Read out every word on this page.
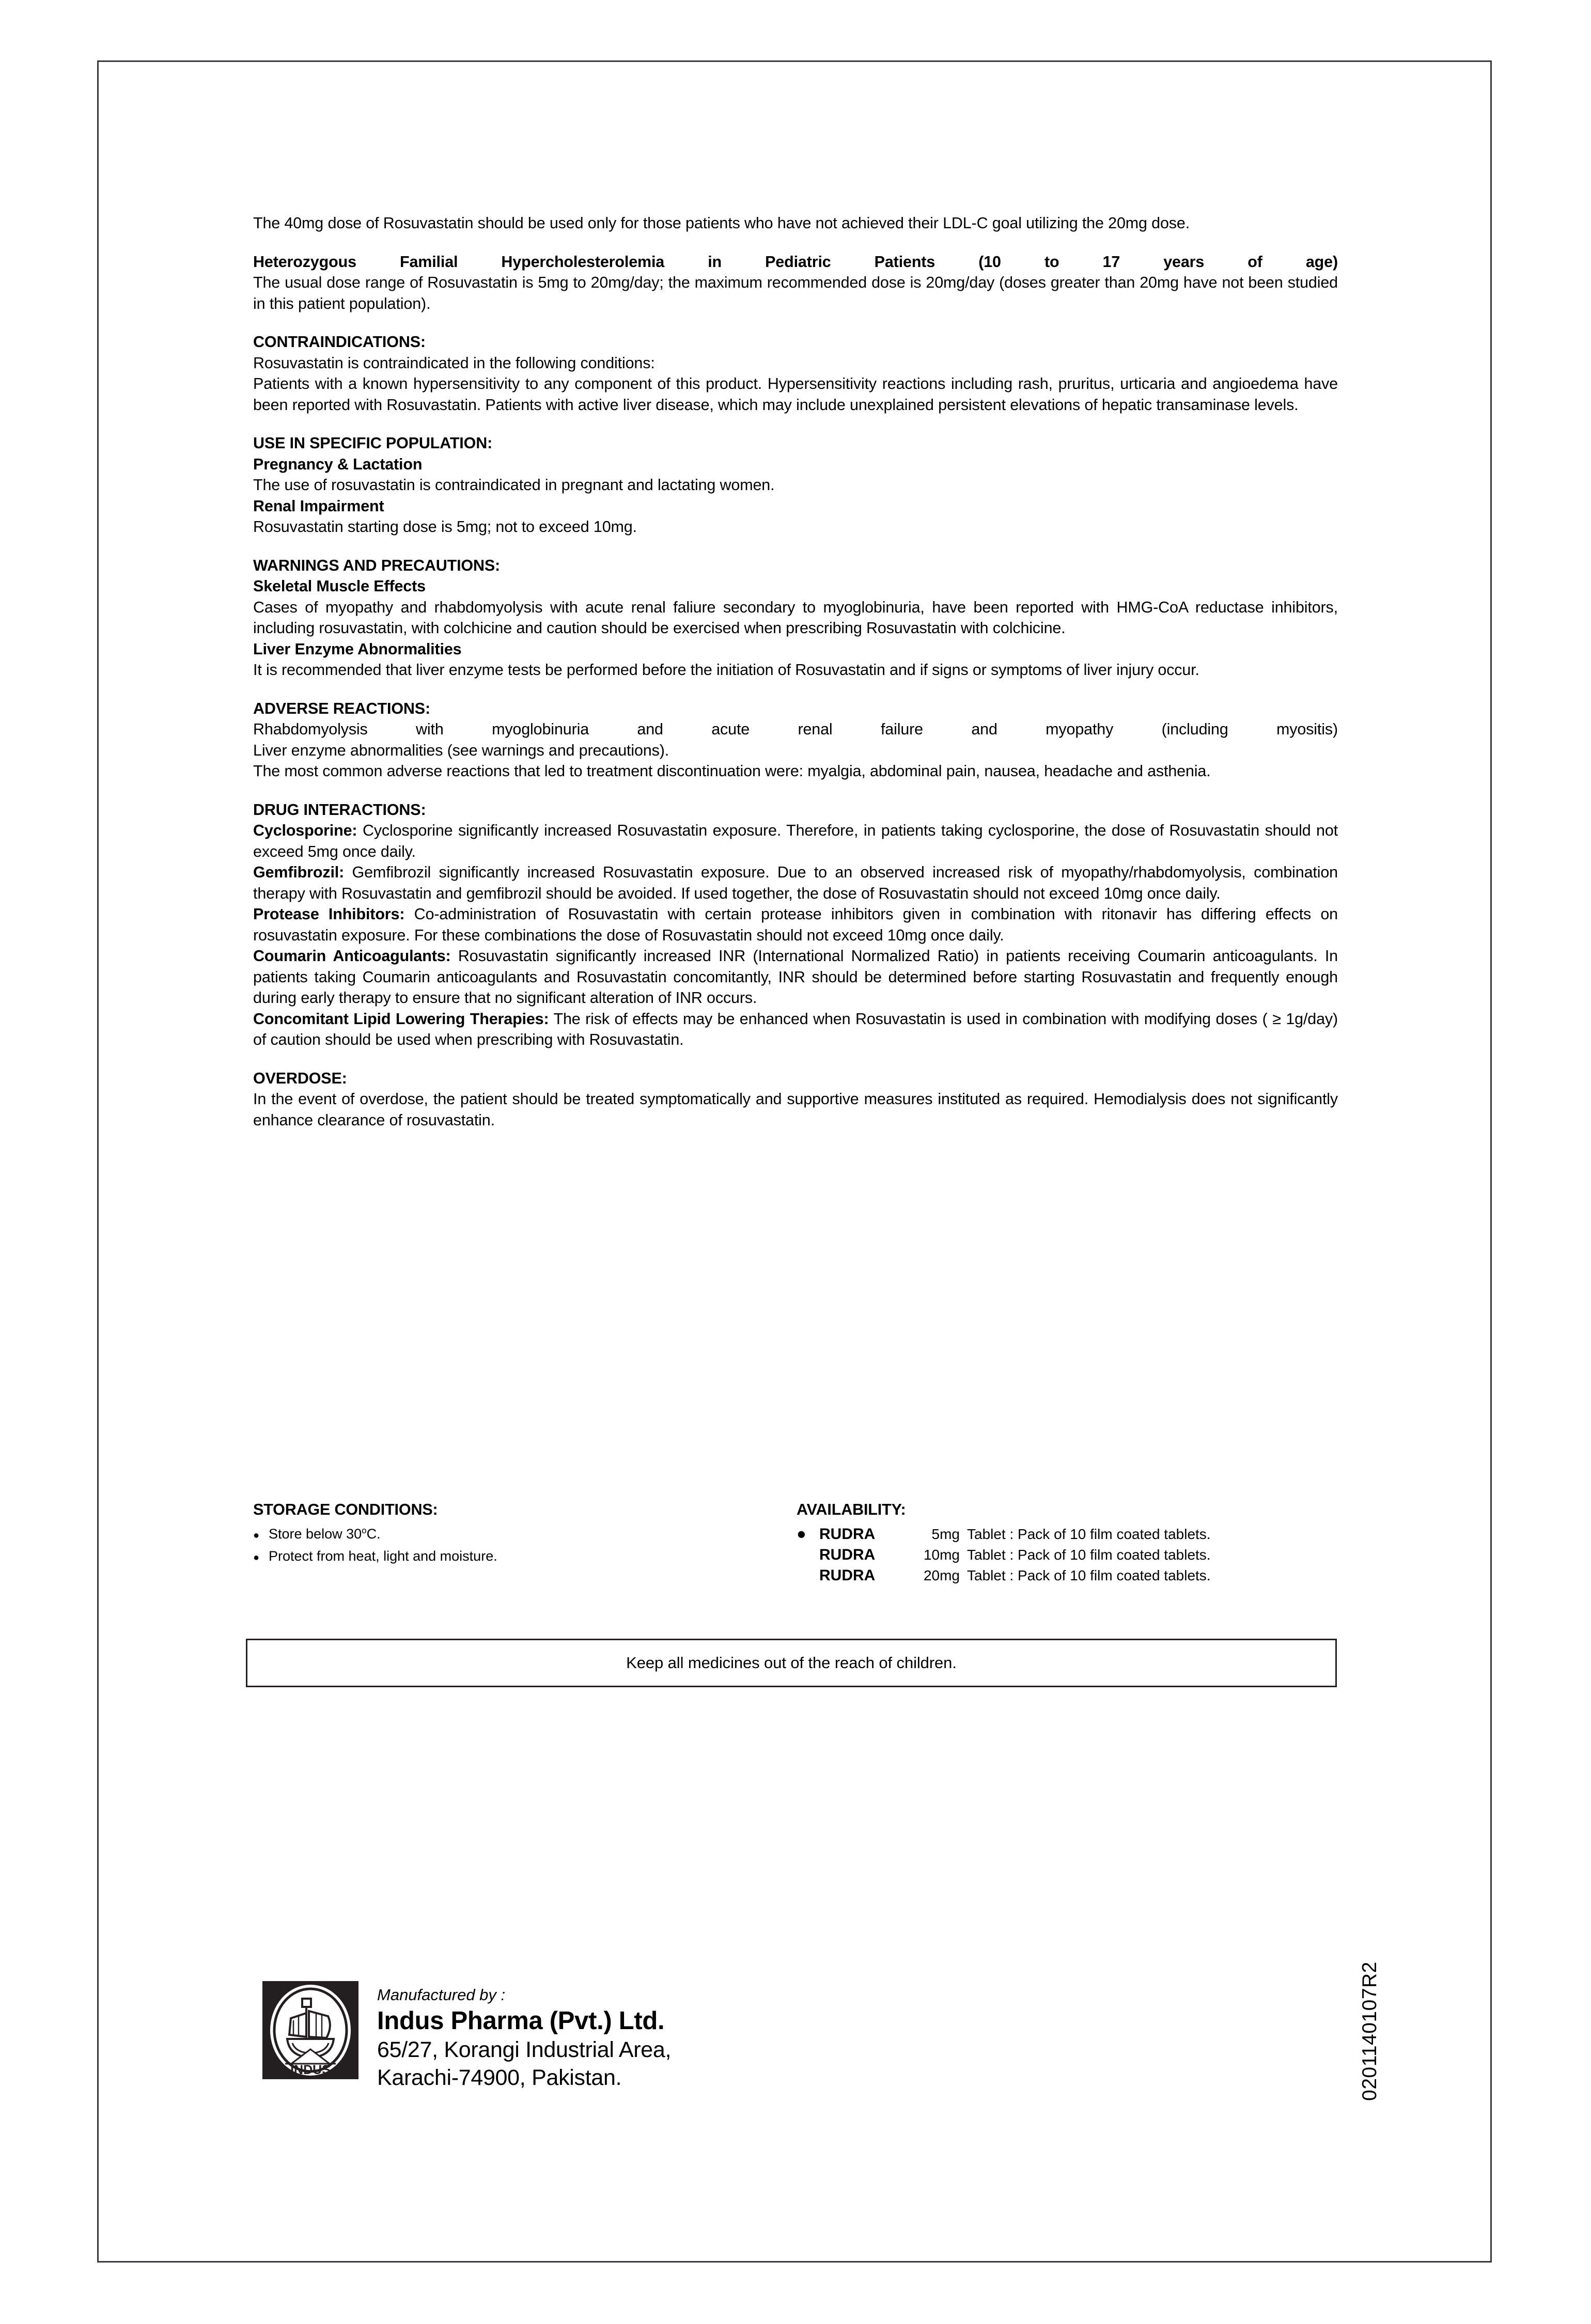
The 40mg dose of Rosuvastatin should be used only for those patients who have not achieved their LDL-C goal utilizing the 20mg dose.

Heterozygous Familial Hypercholesterolemia in Pediatric Patients (10 to 17 years of age)

The usual dose range of Rosuvastatin is 5mg to 20mg/day; the maximum recommended dose is 20mg/day (doses greater than 20mg have not been studied in this patient population).

CONTRAINDICATIONS:

Rosuvastatin is contraindicated in the following conditions:

Patients with a known hypersensitivity to any component of this product. Hypersensitivity reactions including rash, pruritus, urticaria and angioedema have been reported with Rosuvastatin. Patients with active liver disease, which may include unexplained persistent elevations of hepatic transaminase levels.

USE IN SPECIFIC POPULATION:

Pregnancy & Lactation

The use of rosuvastatin is contraindicated in pregnant and lactating women.

Renal Impairment

Rosuvastatin starting dose is 5mg; not to exceed 10mg.

WARNINGS AND PRECAUTIONS:

Skeletal Muscle Effects

Cases of myopathy and rhabdomyolysis with acute renal faliure secondary to myoglobinuria, have been reported with HMG-CoA reductase inhibitors, including rosuvastatin, with colchicine and caution should be exercised when prescribing Rosuvastatin with colchicine.

Liver Enzyme Abnormalities

It is recommended that liver enzyme tests be performed before the initiation of Rosuvastatin and if signs or symptoms of liver injury occur.

ADVERSE REACTIONS:

Rhabdomyolysis with myoglobinuria and acute renal failure and myopathy (including myositis)

Liver enzyme abnormalities (see warnings and precautions).

The most common adverse reactions that led to treatment discontinuation were: myalgia, abdominal pain, nausea, headache and asthenia.

DRUG INTERACTIONS:

Cyclosporine: Cyclosporine significantly increased Rosuvastatin exposure. Therefore, in patients taking cyclosporine, the dose of Rosuvastatin should not exceed 5mg once daily.

Gemfibrozil: Gemfibrozil significantly increased Rosuvastatin exposure. Due to an observed increased risk of myopathy/rhabdomyolysis, combination therapy with Rosuvastatin and gemfibrozil should be avoided. If used together, the dose of Rosuvastatin should not exceed 10mg once daily.

Protease Inhibitors: Co-administration of Rosuvastatin with certain protease inhibitors given in combination with ritonavir has differing effects on rosuvastatin exposure. For these combinations the dose of Rosuvastatin should not exceed 10mg once daily.

Coumarin Anticoagulants: Rosuvastatin significantly increased INR (International Normalized Ratio) in patients receiving Coumarin anticoagulants. In patients taking Coumarin anticoagulants and Rosuvastatin concomitantly, INR should be determined before starting Rosuvastatin and frequently enough during early therapy to ensure that no significant alteration of INR occurs.

Concomitant Lipid Lowering Therapies: The risk of effects may be enhanced when Rosuvastatin is used in combination with modifying doses ( ≥ 1g/day) of caution should be used when prescribing with Rosuvastatin.

OVERDOSE:

In the event of overdose, the patient should be treated symptomatically and supportive measures instituted as required. Hemodialysis does not significantly enhance clearance of rosuvastatin.

STORAGE CONDITIONS:

● Store below 30$^o$C.
● Protect from heat, light and moisture.

AVAILABILITY:

● RUDRA	5mg Tablet : Pack of 10 film coated tablets.
RUDRA	10mg Tablet : Pack of 10 film coated tablets.
RUDRA	20mg Tablet : Pack of 10 film coated tablets.
Keep all medicines out of the reach of children.
INDUS
Manufactured by :
Indus Pharma (Pvt.) Ltd.
65/27, Korangi Industrial Area,
Karachi-74900, Pakistan.	0201140107R2
